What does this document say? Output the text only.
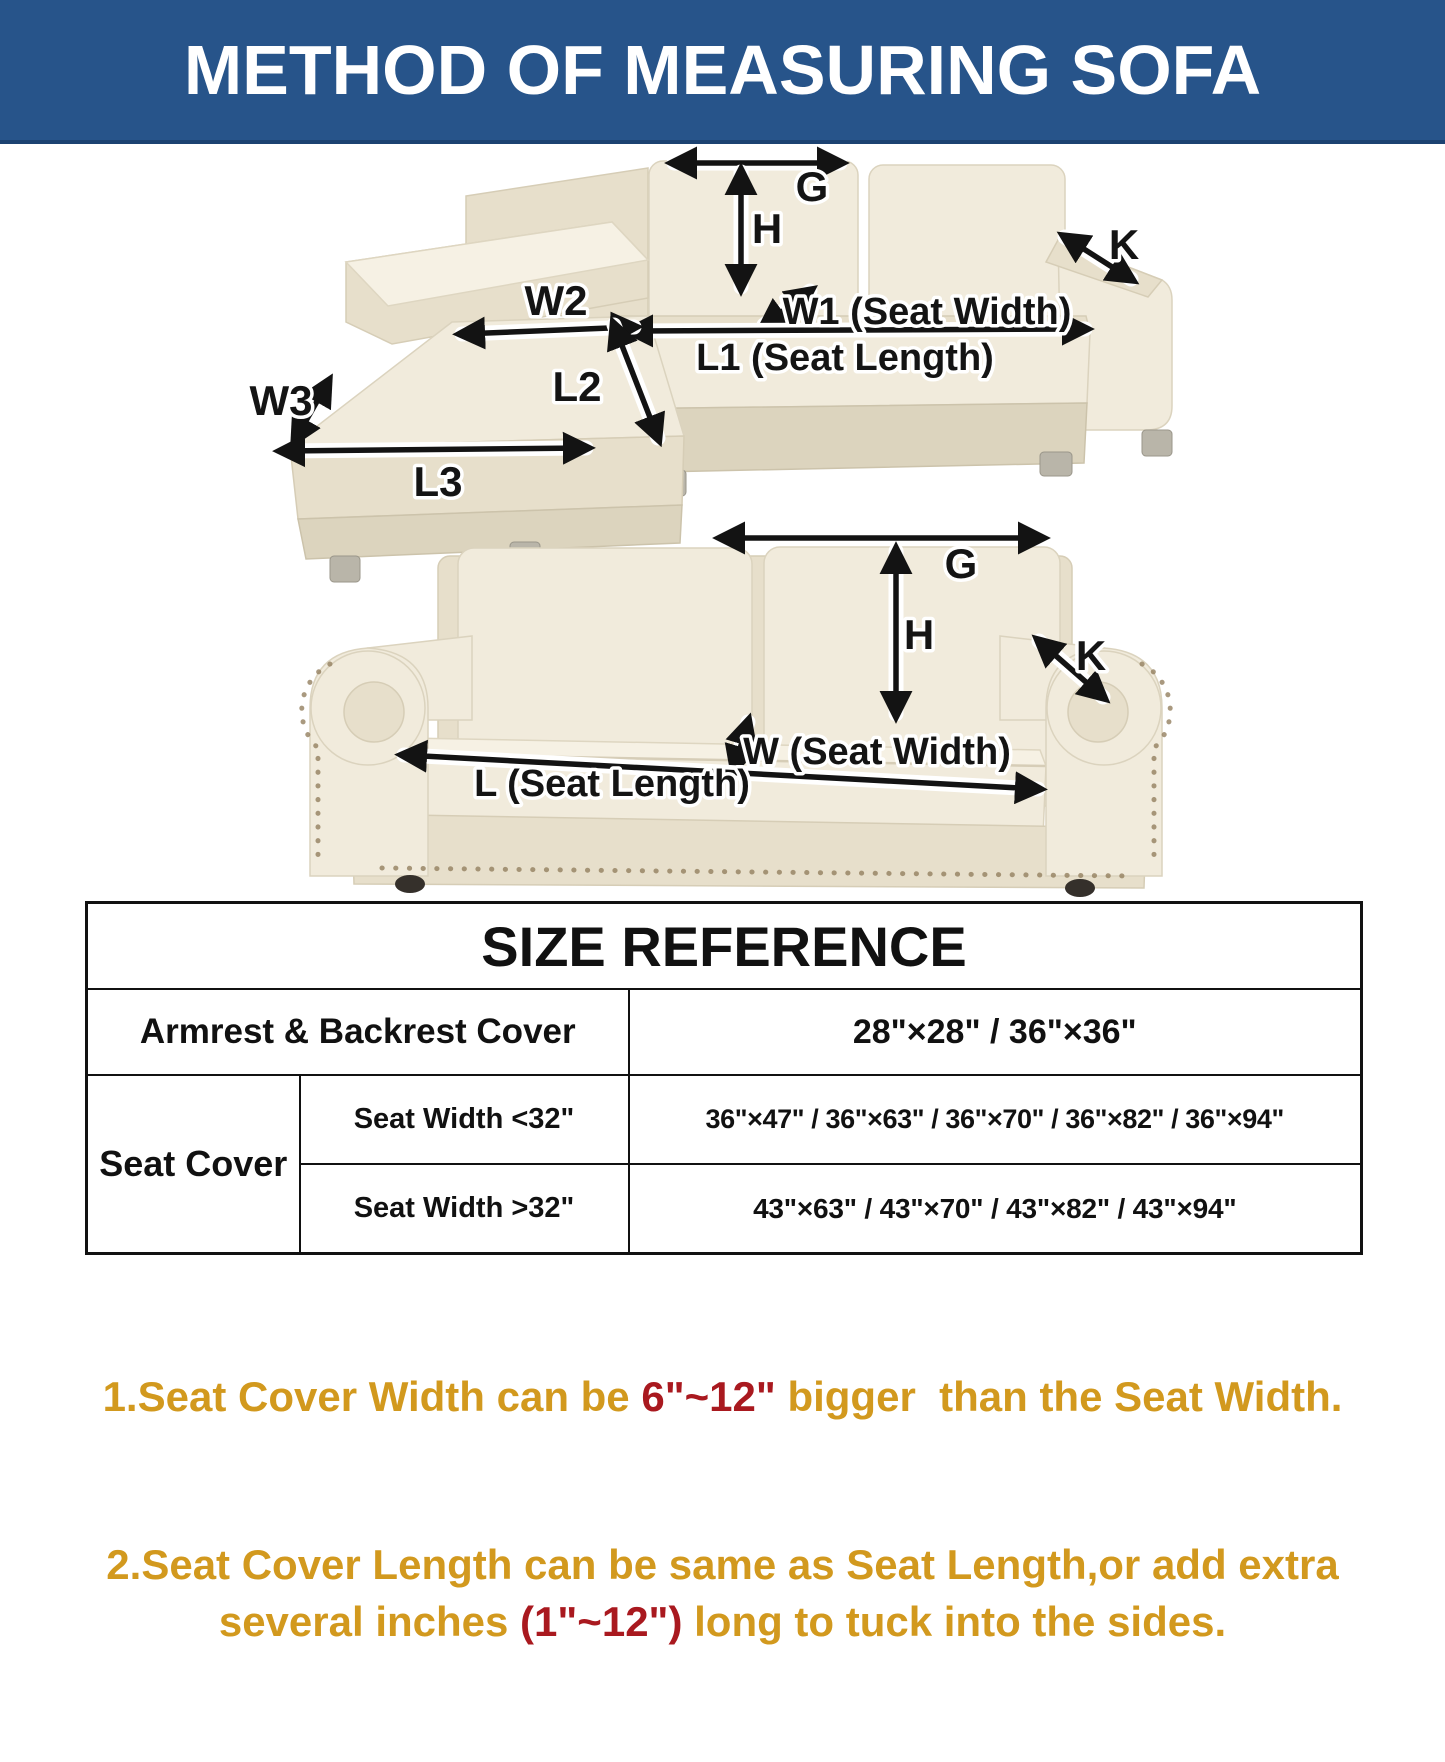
METHOD OF MEASURING SOFA
G
H	K
W1 (Seat Width)
L1 (Seat Length)
W2
L2
W3
L3
G
H	K
W (Seat Width)
L (Seat Length)
SIZE REFERENCE		
Armrest & Backrest Cover		28"×28" / 36"×36"
Seat Cover	Seat Width <32"	36"×47" / 36"×63" / 36"×70" / 36"×82" / 36"×94"
	Seat Width >32"	43"×63" / 43"×70" / 43"×82" / 43"×94"

1.Seat Cover Width can be 6"~12" bigger  than the Seat Width.

2.Seat Cover Length can be same as Seat Length,or add extra
several inches (1"~12") long to tuck into the sides.
